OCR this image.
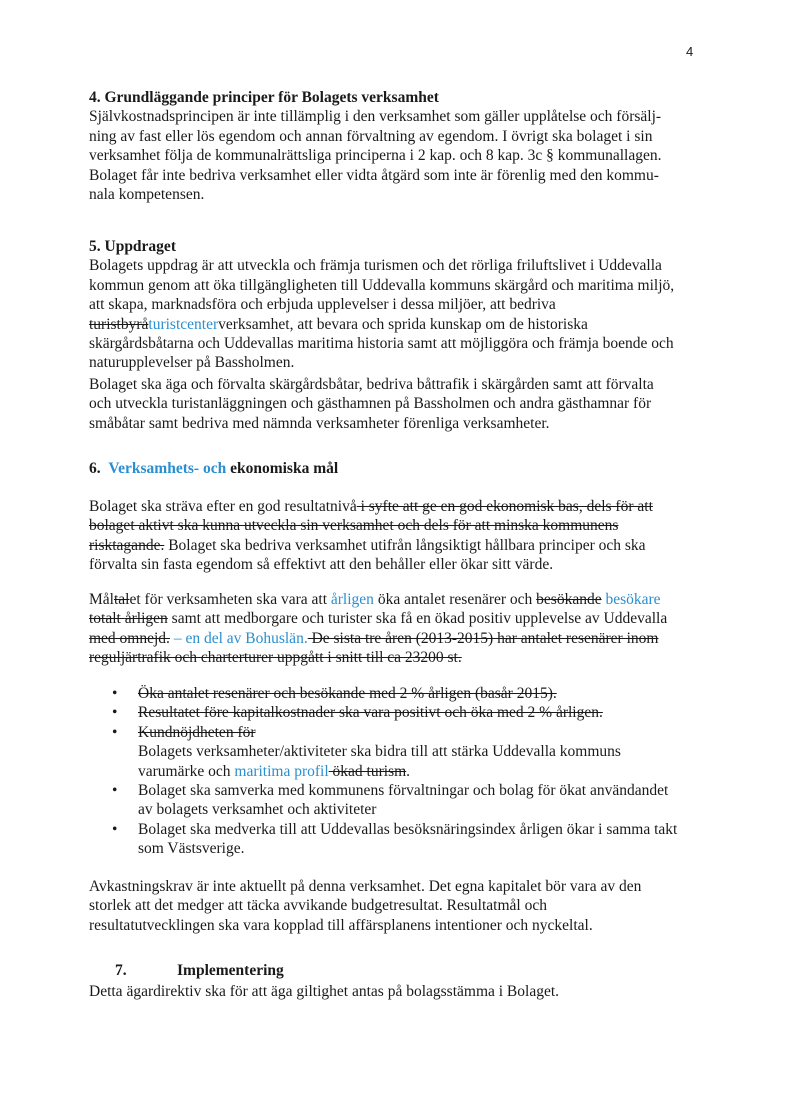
4
4. Grundläggande principer för Bolagets verksamhet
Självkostnadsprincipen är inte tillämplig i den verksamhet som gäller upplåtelse och försälj-
ning av fast eller lös egendom och annan förvaltning av egendom. I övrigt ska bolaget i sin
verksamhet följa de kommunalrättsliga principerna i 2 kap. och 8 kap. 3c § kommunallagen.
Bolaget får inte bedriva verksamhet eller vidta åtgärd som inte är förenlig med den kommu-
nala kompetensen.
5. Uppdraget
Bolagets uppdrag är att utveckla och främja turismen och det rörliga friluftslivet i Uddevalla
kommun genom att öka tillgängligheten till Uddevalla kommuns skärgård och maritima miljö,
att skapa, marknadsföra och erbjuda upplevelser i dessa miljöer, att bedriva
turistbyråturistcenterverksamhet, att bevara och sprida kunskap om de historiska
skärgårdsbåtarna och Uddevallas maritima historia samt att möjliggöra och främja boende och
naturupplevelser på Bassholmen.
Bolaget ska äga och förvalta skärgårdsbåtar, bedriva båttrafik i skärgården samt att förvalta
och utveckla turistanläggningen och gästhamnen på Bassholmen och andra gästhamnar för
småbåtar samt bedriva med nämnda verksamheter förenliga verksamheter.
6. Verksamhets- och ekonomiska mål
Bolaget ska sträva efter en god resultatnivå i syfte att ge en god ekonomisk bas, dels för att
bolaget aktivt ska kunna utveckla sin verksamhet och dels för att minska kommunens
risktagande. Bolaget ska bedriva verksamhet utifrån långsiktigt hållbara principer och ska
förvalta sin fasta egendom så effektivt att den behåller eller ökar sitt värde.
Måltalet för verksamheten ska vara att årligen öka antalet resenärer och besökande besökare
totalt årligen samt att medborgare och turister ska få en ökad positiv upplevelse av Uddevalla
med omnejd. – en del av Bohuslän. De sista tre åren (2013-2015) har antalet resenärer inom
reguljärtrafik och charterturer uppgått i snitt till ca 23200 st.
• Öka antalet resenärer och besökande med 2 % årligen (basår 2015).
• Resultatet före kapitalkostnader ska vara positivt och öka med 2 % årligen.
• Kundnöjdheten för
Bolagets verksamheter/aktiviteter ska bidra till att stärka Uddevalla kommuns
varumärke och maritima profil ökad turism.
• Bolaget ska samverka med kommunens förvaltningar och bolag för ökat användandet
av bolagets verksamhet och aktiviteter
• Bolaget ska medverka till att Uddevallas besöksnäringsindex årligen ökar i samma takt
som Västsverige.
Avkastningskrav är inte aktuellt på denna verksamhet. Det egna kapitalet bör vara av den
storlek att det medger att täcka avvikande budgetresultat. Resultatmål och
resultatutvecklingen ska vara kopplad till affärsplanens intentioner och nyckeltal.
7.	Implementering
Detta ägardirektiv ska för att äga giltighet antas på bolagsstämma i Bolaget.
